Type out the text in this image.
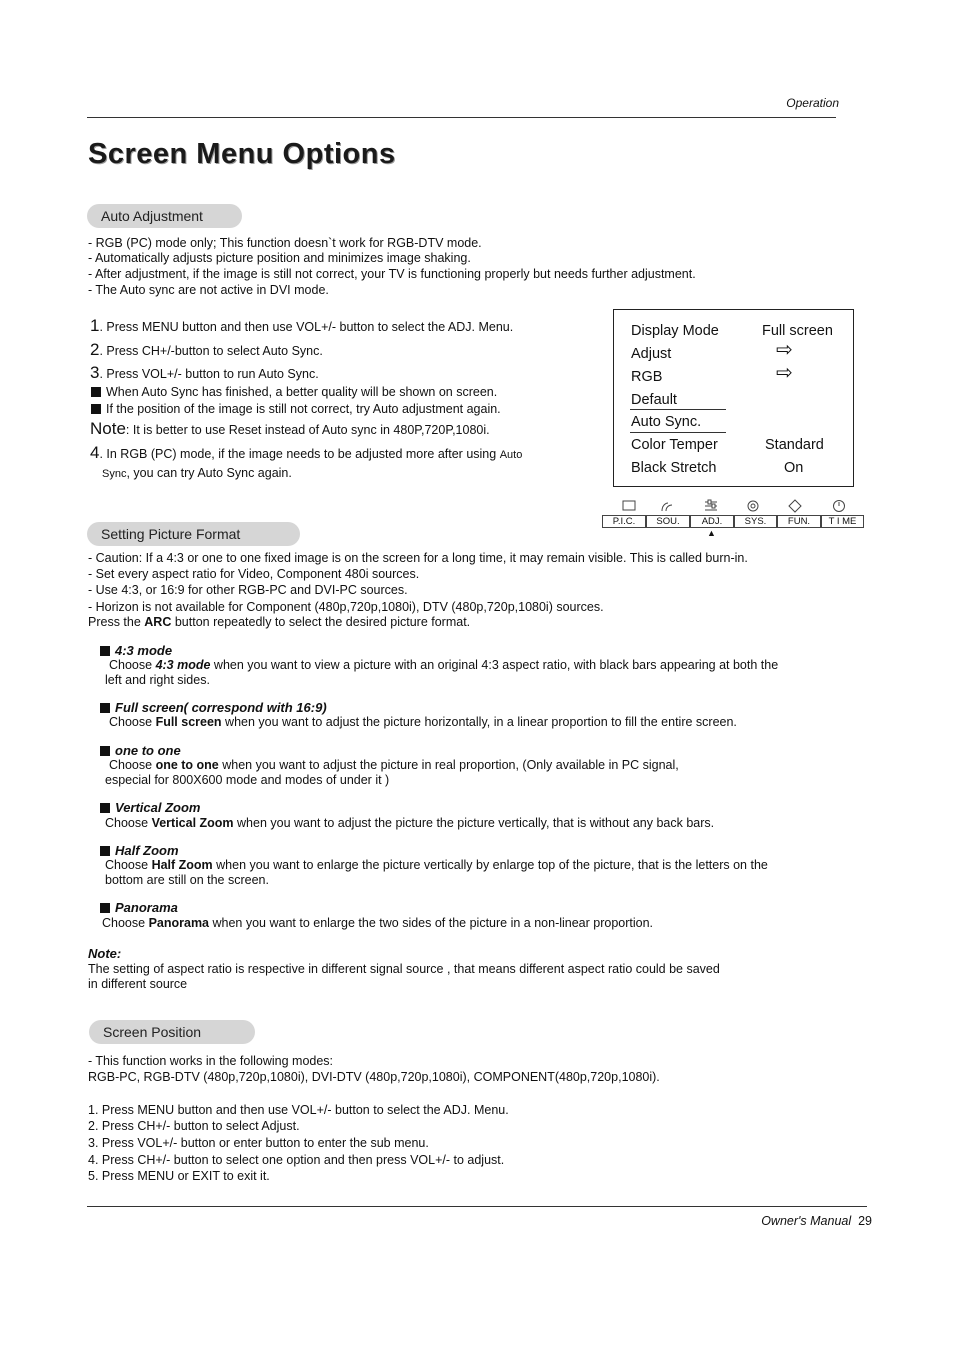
Operation
Screen Menu Options
Auto Adjustment
- RGB (PC) mode only; This function doesn`t work for RGB-DTV mode.
- Automatically adjusts picture position and minimizes image shaking.
- After adjustment, if the image is still not correct, your TV is functioning properly but needs further adjustment.
- The Auto sync are not active in DVI mode.
1. Press MENU button and then use VOL+/- button to select the ADJ. Menu.
2. Press CH+/-button to select Auto Sync.
3. Press VOL+/- button to run Auto Sync.
When Auto Sync has finished, a better quality will be shown on screen.
If the position of the image is still not correct, try Auto adjustment again.
Note: It is better to use Reset instead of Auto sync in 480P,720P,1080i.
4. In RGB (PC) mode, if the image needs to be adjusted more after using Auto
Sync, you can try Auto Sync again.
Display Mode	Full screen
Adjust	⇨
RGB	⇨
Default
Auto Sync.
Color Temper	Standard
Black Stretch	On
P.I.C.	SOU.	ADJ.	SYS.	FUN.	T I ME
▲
Setting Picture Format
- Caution: If a 4:3 or one to one fixed image is on the screen for a long time, it may remain visible. This is called burn-in.
- Set every aspect ratio for Video, Component 480i sources.
- Use 4:3, or 16:9 for other RGB-PC and DVI-PC sources.
- Horizon is not available for Component (480p,720p,1080i), DTV (480p,720p,1080i) sources.
Press the ARC button repeatedly to select the desired picture format.
4:3 mode
Choose 4:3 mode when you want to view a picture with an original 4:3 aspect ratio, with black bars appearing at both the
left and right sides.
Full screen( correspond with 16:9)
Choose Full screen when you want to adjust the picture horizontally, in a linear proportion to fill the entire screen.
one to one
Choose one to one when you want to adjust the picture in real proportion, (Only available in PC signal,
especial for 800X600 mode and modes of under it )
Vertical Zoom
Choose Vertical Zoom when you want to adjust the picture the picture vertically, that is without any back bars.
Half Zoom
Choose Half Zoom when you want to enlarge the picture vertically by enlarge top of the picture, that is the letters on the
bottom are still on the screen.
Panorama
Choose Panorama when you want to enlarge the two sides of the picture in a non-linear proportion.
Note:
The setting of aspect ratio is respective in different signal source , that means different aspect ratio could be saved
in different source
Screen Position
- This function works in the following modes:
RGB-PC, RGB-DTV (480p,720p,1080i), DVI-DTV (480p,720p,1080i), COMPONENT(480p,720p,1080i).
1. Press MENU button and then use VOL+/- button to select the ADJ. Menu.
2. Press CH+/- button to select Adjust.
3. Press VOL+/- button or enter button to enter the sub menu.
4. Press CH+/- button to select one option and then press VOL+/- to adjust.
5. Press MENU or EXIT to exit it.
Owner's Manual 29
